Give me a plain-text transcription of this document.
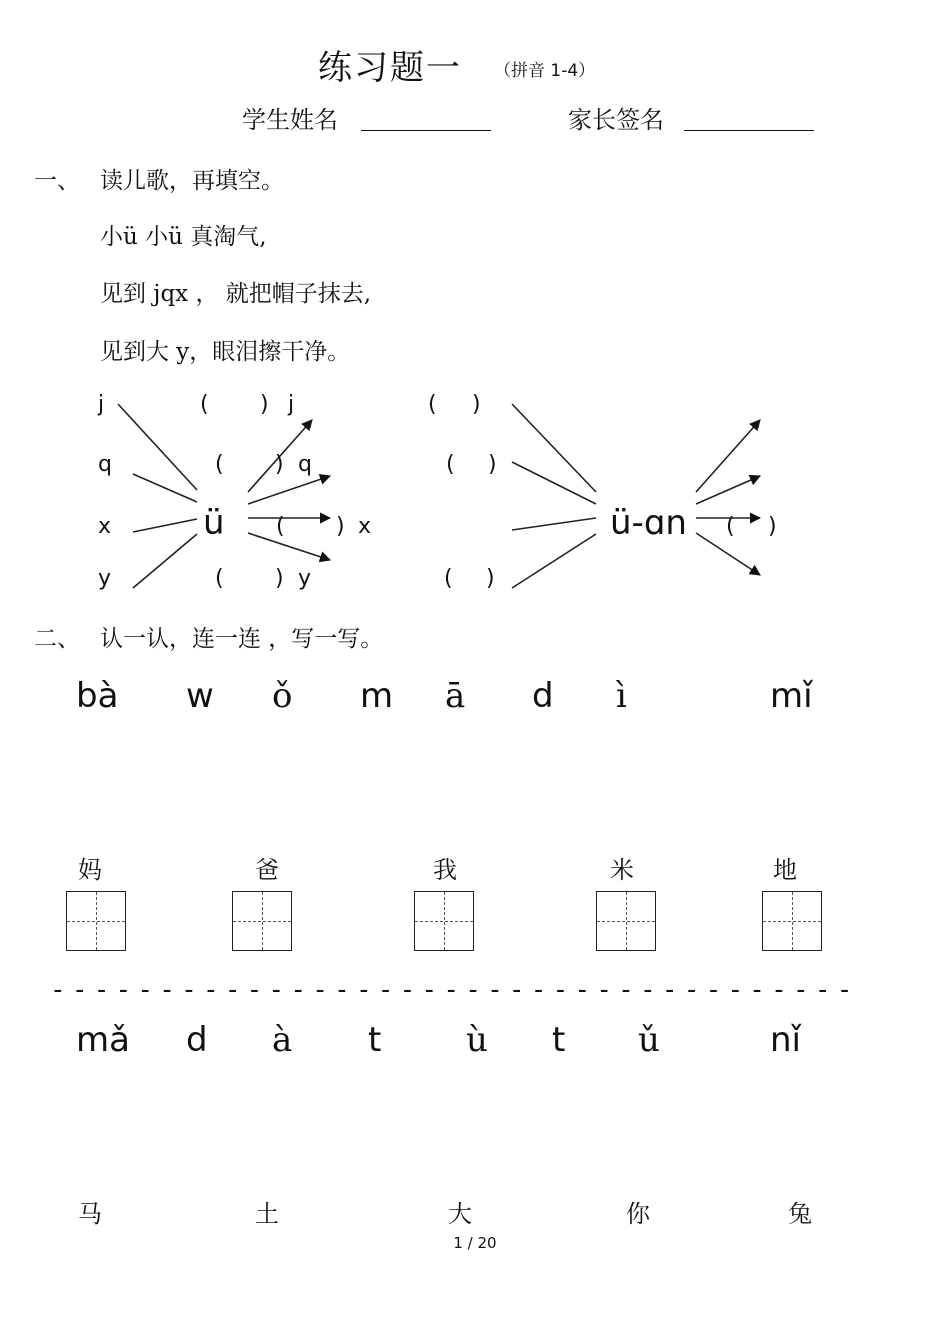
练习题一 （拼音 1-4）
学生姓名	家长签名
一、 读儿歌，再填空。
小ü 小ü 真淘气,
见到 jqx ， 就把帽子抹去,
见到大 y，眼泪擦干净。
j
q
x
y
ü
( ) j
( ) q
( ) x
( ) y
( )
( )
( )
ü-ɑn ( )
二、 认一认，连一连 ，写一写。
bà w ǒ m ā d ì	mǐ
妈	爸	我	米	地
-------------------------------------
mǎ d à t ù t ǔ	nǐ
马	土	大	你	兔
1 / 20
